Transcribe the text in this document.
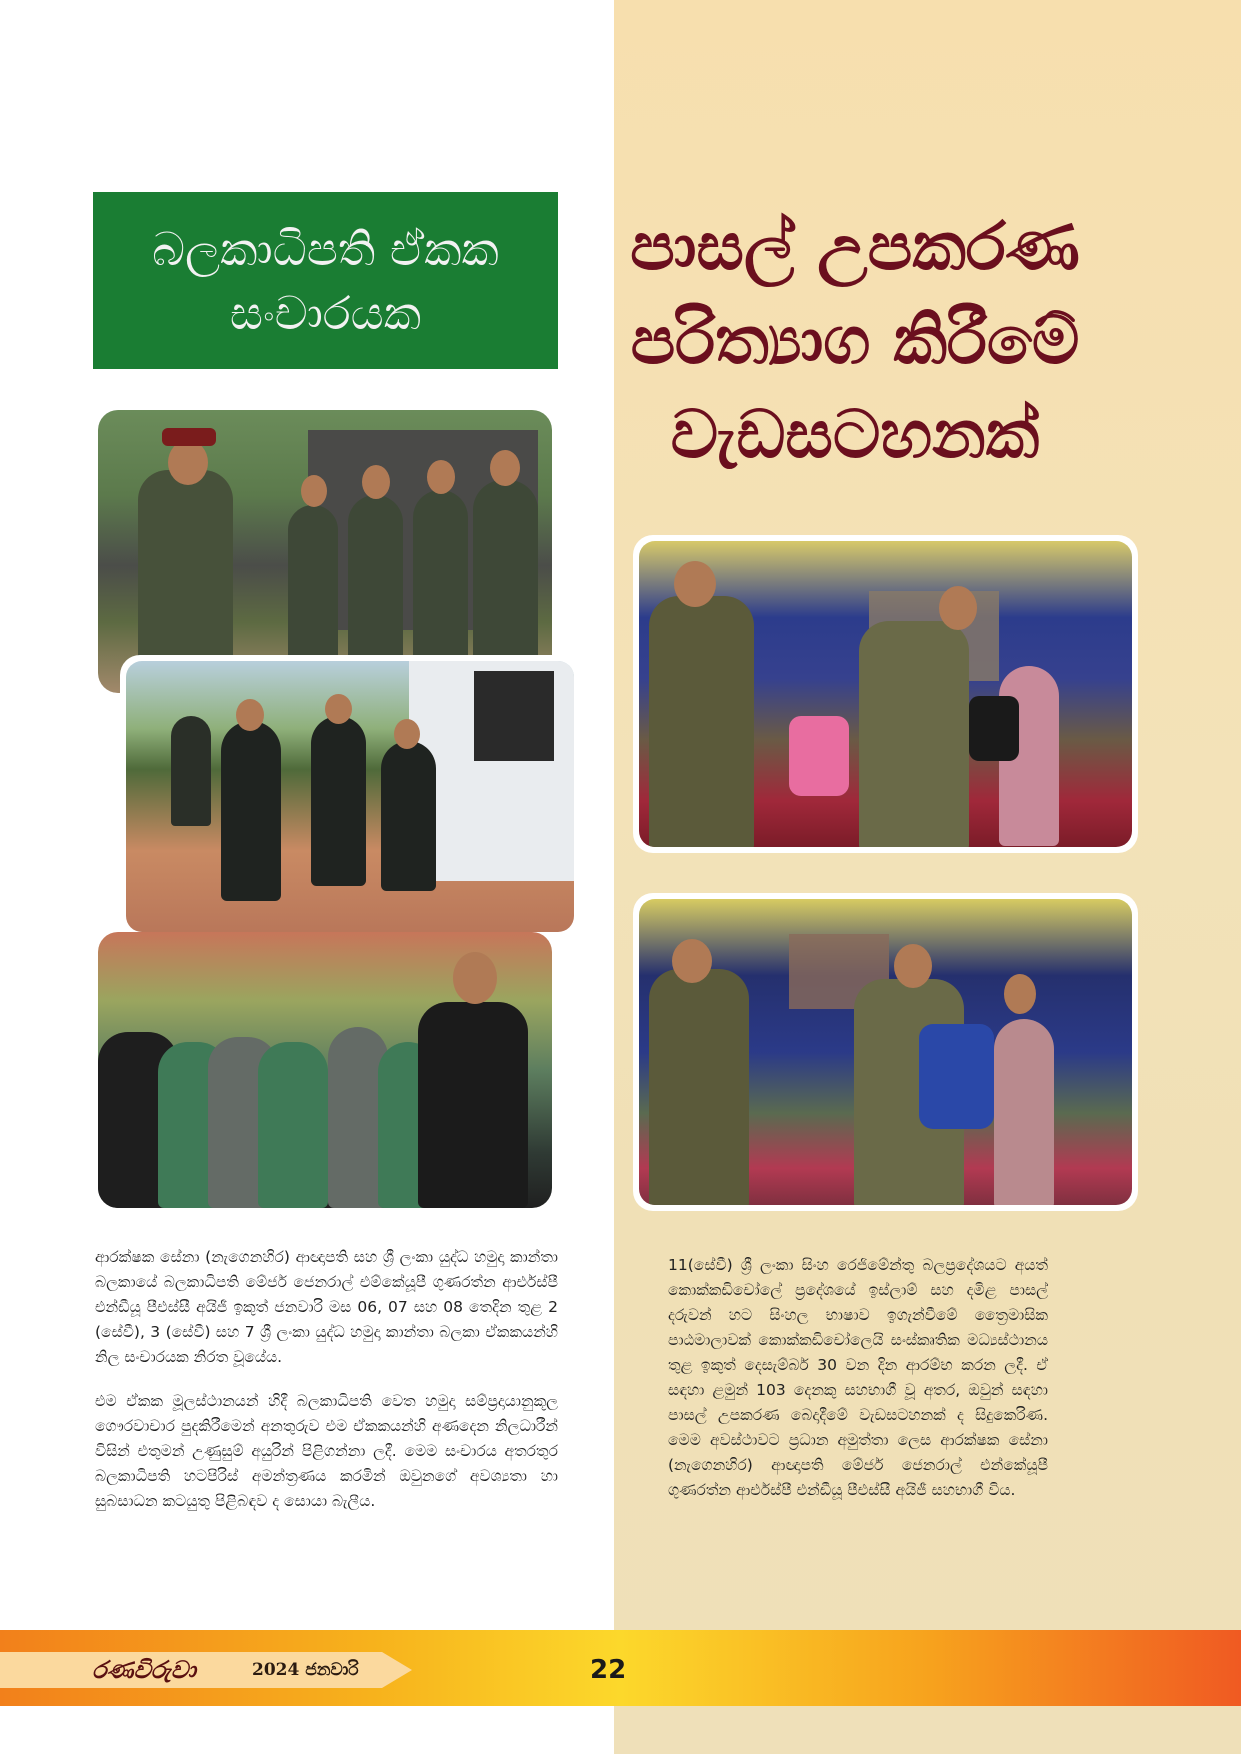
බලකාධිපති ඒකක
සංචාරයක
පාසල් උපකරණ
පරිත්‍යාග කිරීමේ
වැඩසටහනක්

ආරක්ෂක සේනා (නැගෙනහිර) ආඥාපති සහ ශ්‍රී ලංකා යුද්ධ හමුදා කාන්තා බලකායේ බලකාධිපති මේජර් ජෙනරාල් එම්කේයූපී ගුණරත්න ආර්එස්පී එන්ඩීයූ පීඑස්සී අයිජී ඉකුත් ජනවාරි මස 06, 07 සහ 08 තෙදින තුළ 2 (සේවී), 3 (සේවී) සහ 7 ශ්‍රී ලංකා යුද්ධ හමුදා කාන්තා බලකා ඒකකයන්හි නිල සංචාරයක නිරත වූයේය.

එම ඒකක මූලස්ථානයන් හිදී බලකාධිපති වෙත හමුදා සම්ප්‍රදායානුකූල ගෞරවාචාර පුදකිරීමෙන් අනතුරුව එම ඒකකයන්හි අණදෙන නිලධාරීන් විසින් එතුමන් උණුසුම් අයුරින් පිළිගන්නා ලදී. මෙම සංචාරය අතරතුර බලකාධිපති හටපිරිස් අමන්ත්‍රණය කරමින් ඔවුනගේ අවශ්‍යතා හා සුබසාධන කටයුතු පිළිබඳව ද සොයා බැලීය.

11(සේවී) ශ්‍රී ලංකා සිංහ රෙජිමේන්තු බලප්‍රදේශයට අයත් කොක්කඩිචෝලේ ප්‍රදේශයේ ඉස්ලාම් සහ දමිළ පාසල් දරුවන් හට සිංහල භාෂාව ඉගැන්වීමේ ත්‍රෛමාසික පාඨමාලාවක් කොක්කඩිචෝලෙයි සංස්කෘතික මධ්‍යස්ථානය තුළ ඉකුත් දෙසැම්බර් 30 වන දින ආරම්භ කරන ලදී. ඒ සඳහා ළමුන් 103 දෙනකු සහභාගී වූ අතර, ඔවුන් සඳහා පාසල් උපකරණ බෙදාදීමේ වැඩසටහනක් ද සිදුකෙරිණ. මෙම අවස්ථාවට ප්‍රධාන අමුත්තා ලෙස ආරක්ෂක සේනා (නැගෙනහිර) ආඥාපති මේජර් ජෙනරාල් එන්කේයූපී ගුණරත්න ආර්එස්පී එන්ඩීයූ පීඑස්සී අයිජී සහභාගී විය.

රණවිරුවා	2024 ජනවාරි	22
